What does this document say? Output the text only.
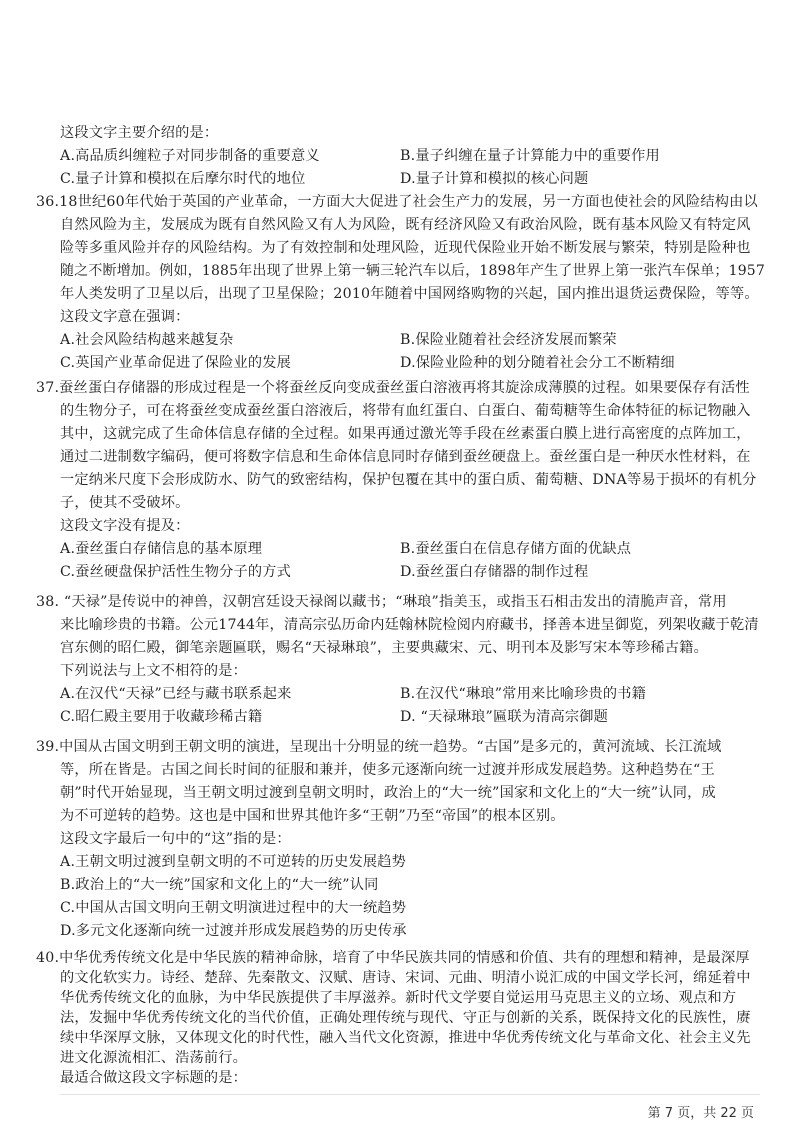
这段文字主要介绍的是：
A.高品质纠缠粒子对同步制备的重要意义	B.量子纠缠在量子计算能力中的重要作用
C.量子计算和模拟在后摩尔时代的地位	D.量子计算和模拟的核心问题
36.18世纪60年代始于英国的产业革命，一方面大大促进了社会生产力的发展，另一方面也使社会的风险结构由以
自然风险为主，发展成为既有自然风险又有人为风险，既有经济风险又有政治风险，既有基本风险又有特定风
险等多重风险并存的风险结构。为了有效控制和处理风险，近现代保险业开始不断发展与繁荣，特别是险种也
随之不断增加。例如，1885年出现了世界上第一辆三轮汽车以后，1898年产生了世界上第一张汽车保单；1957
年人类发明了卫星以后，出现了卫星保险；2010年随着中国网络购物的兴起，国内推出退货运费保险，等等。
这段文字意在强调：
A.社会风险结构越来越复杂	B.保险业随着社会经济发展而繁荣
C.英国产业革命促进了保险业的发展	D.保险业险种的划分随着社会分工不断精细
37.蚕丝蛋白存储器的形成过程是一个将蚕丝反向变成蚕丝蛋白溶液再将其旋涂成薄膜的过程。如果要保存有活性
的生物分子，可在将蚕丝变成蚕丝蛋白溶液后，将带有血红蛋白、白蛋白、葡萄糖等生命体特征的标记物融入
其中，这就完成了生命体信息存储的全过程。如果再通过激光等手段在丝素蛋白膜上进行高密度的点阵加工，
通过二进制数字编码，便可将数字信息和生命体信息同时存储到蚕丝硬盘上。蚕丝蛋白是一种厌水性材料，在
一定纳米尺度下会形成防水、防气的致密结构，保护包覆在其中的蛋白质、葡萄糖、DNA等易于损坏的有机分
子，使其不受破坏。
这段文字没有提及：
A.蚕丝蛋白存储信息的基本原理	B.蚕丝蛋白在信息存储方面的优缺点
C.蚕丝硬盘保护活性生物分子的方式	D.蚕丝蛋白存储器的制作过程
38. “天禄”是传说中的神兽，汉朝宫廷设天禄阁以藏书；“琳琅”指美玉，或指玉石相击发出的清脆声音，常用
来比喻珍贵的书籍。公元1744年，清高宗弘历命内廷翰林院检阅内府藏书，择善本进呈御览，列架收藏于乾清
宫东侧的昭仁殿，御笔亲题匾联，赐名“天禄琳琅”，主要典藏宋、元、明刊本及影写宋本等珍稀古籍。
下列说法与上文不相符的是：
A.在汉代“天禄”已经与藏书联系起来	B.在汉代“琳琅”常用来比喻珍贵的书籍
C.昭仁殿主要用于收藏珍稀古籍	D. “天禄琳琅”匾联为清高宗御题
39.中国从古国文明到王朝文明的演进，呈现出十分明显的统一趋势。“古国”是多元的，黄河流域、长江流域
等，所在皆是。古国之间长时间的征服和兼并，使多元逐渐向统一过渡并形成发展趋势。这种趋势在“王
朝”时代开始显现，当王朝文明过渡到皇朝文明时，政治上的“大一统”国家和文化上的“大一统”认同，成
为不可逆转的趋势。这也是中国和世界其他许多“王朝”乃至“帝国”的根本区别。
这段文字最后一句中的“这”指的是：
A.王朝文明过渡到皇朝文明的不可逆转的历史发展趋势
B.政治上的“大一统”国家和文化上的“大一统”认同
C.中国从古国文明向王朝文明演进过程中的大一统趋势
D.多元文化逐渐向统一过渡并形成发展趋势的历史传承
40.中华优秀传统文化是中华民族的精神命脉，培育了中华民族共同的情感和价值、共有的理想和精神，是最深厚
的文化软实力。诗经、楚辞、先秦散文、汉赋、唐诗、宋词、元曲、明清小说汇成的中国文学长河，绵延着中
华优秀传统文化的血脉，为中华民族提供了丰厚滋养。新时代文学要自觉运用马克思主义的立场、观点和方
法，发掘中华优秀传统文化的当代价值，正确处理传统与现代、守正与创新的关系，既保持文化的民族性，赓
续中华深厚文脉，又体现文化的时代性，融入当代文化资源，推进中华优秀传统文化与革命文化、社会主义先
进文化源流相汇、浩荡前行。
最适合做这段文字标题的是：
第 7 页，共 22 页
